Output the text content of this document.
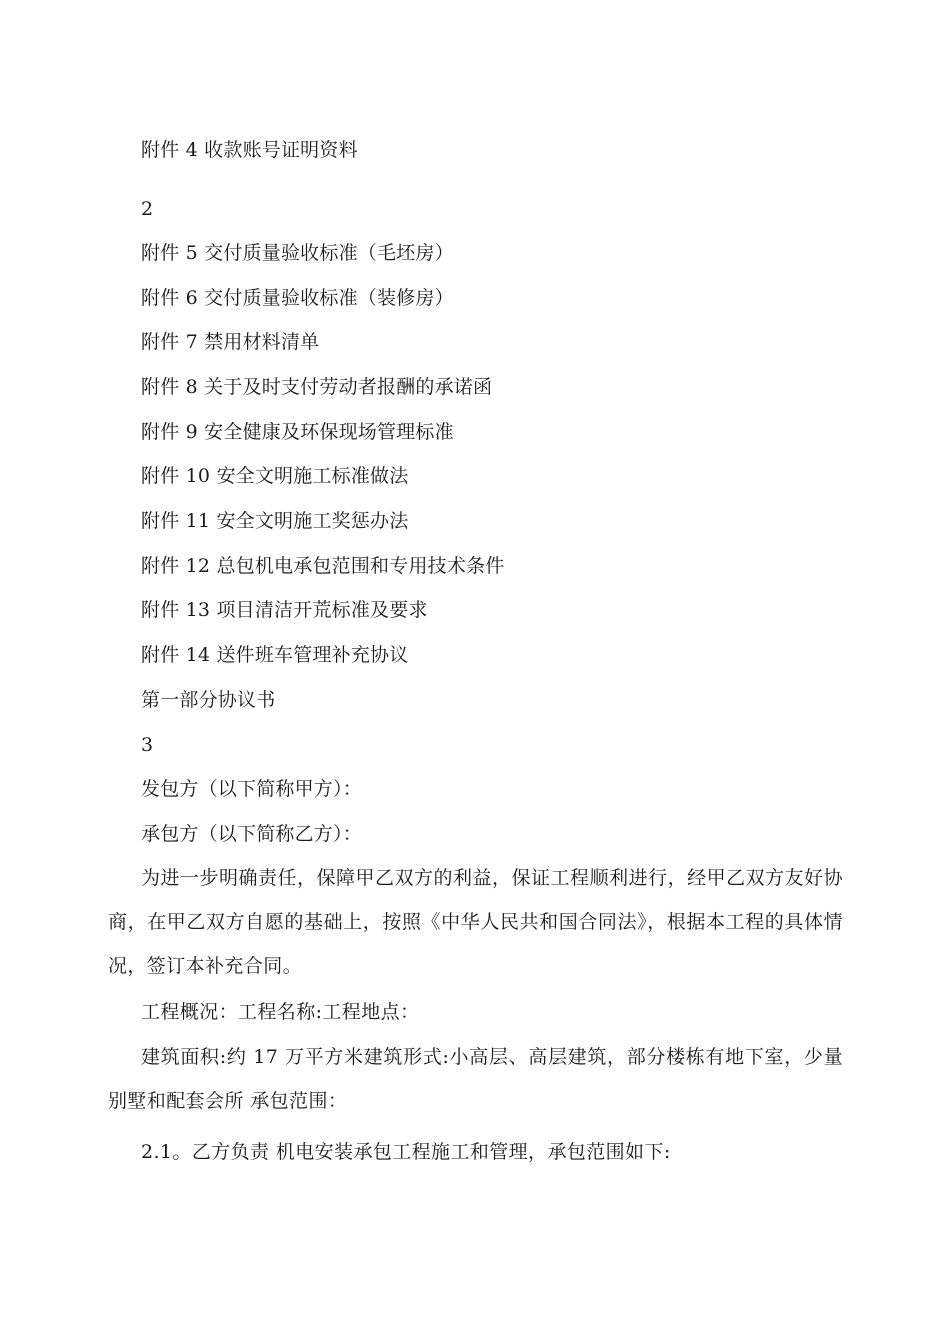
附件 4 收款账号证明资料
2
附件 5 交付质量验收标准（毛坯房）
附件 6 交付质量验收标准（装修房）
附件 7 禁用材料清单
附件 8 关于及时支付劳动者报酬的承诺函
附件 9 安全健康及环保现场管理标准
附件 10 安全文明施工标准做法
附件 11 安全文明施工奖惩办法
附件 12 总包机电承包范围和专用技术条件
附件 13 项目清洁开荒标准及要求
附件 14 送件班车管理补充协议
第一部分协议书
3
发包方（以下简称甲方）：
承包方（以下简称乙方）：
为进一步明确责任，保障甲乙双方的利益，保证工程顺利进行，经甲乙双方友好协商，在甲乙双方自愿的基础上，按照《中华人民共和国合同法》，根据本工程的具体情况，签订本补充合同。
工程概况：工程名称:工程地点：
建筑面积:约 17 万平方米建筑形式:小高层、高层建筑，部分楼栋有地下室，少量别墅和配套会所 承包范围：
2.1。乙方负责 机电安装承包工程施工和管理，承包范围如下:
